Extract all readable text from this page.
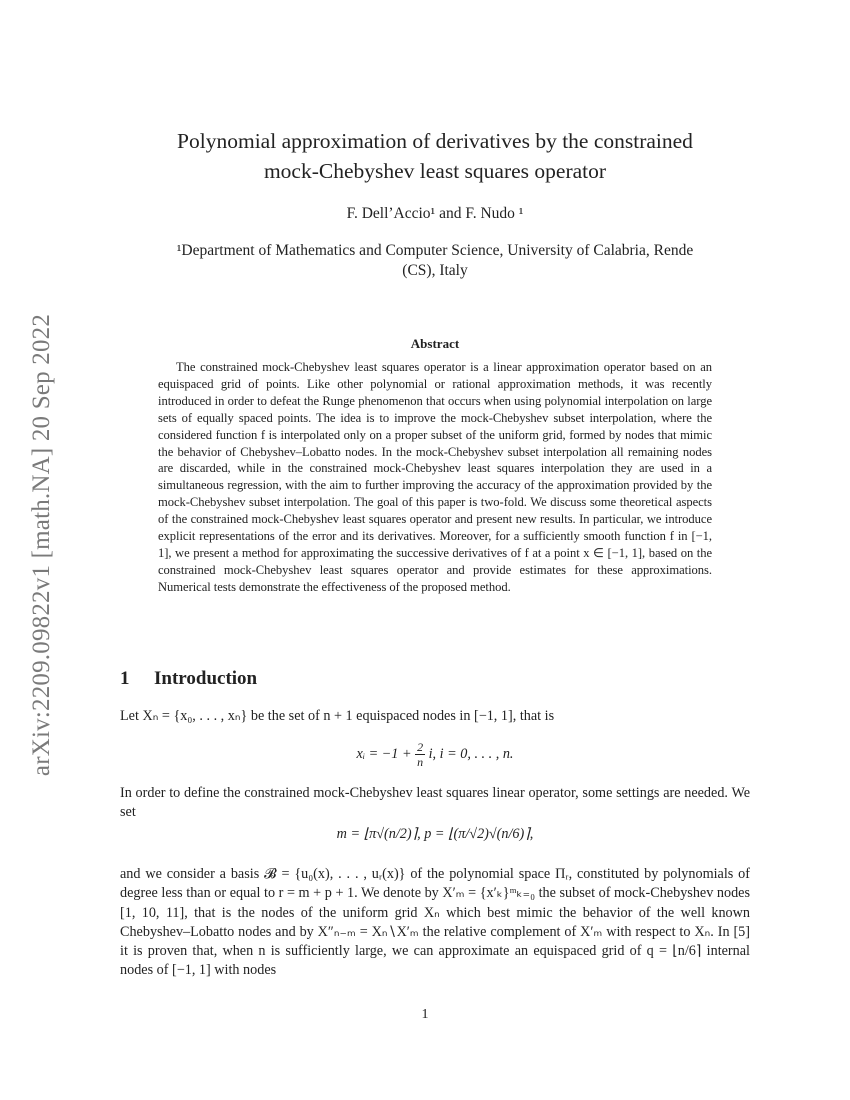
arXiv:2209.09822v1 [math.NA] 20 Sep 2022
Polynomial approximation of derivatives by the constrained
mock-Chebyshev least squares operator
F. Dell’Accio¹ and F. Nudo ¹
¹Department of Mathematics and Computer Science, University of Calabria, Rende
(CS), Italy
Abstract
The constrained mock-Chebyshev least squares operator is a linear approximation operator based on an equispaced grid of points. Like other polynomial or rational approximation methods, it was recently introduced in order to defeat the Runge phenomenon that occurs when using polynomial interpolation on large sets of equally spaced points. The idea is to improve the mock-Chebyshev subset interpolation, where the considered function f is interpolated only on a proper subset of the uniform grid, formed by nodes that mimic the behavior of Chebyshev–Lobatto nodes. In the mock-Chebyshev subset interpolation all remaining nodes are discarded, while in the constrained mock-Chebyshev least squares interpolation they are used in a simultaneous regression, with the aim to further improving the accuracy of the approximation provided by the mock-Chebyshev subset interpolation. The goal of this paper is two-fold. We discuss some theoretical aspects of the constrained mock-Chebyshev least squares operator and present new results. In particular, we introduce explicit representations of the error and its derivatives. Moreover, for a sufficiently smooth function f in [−1, 1], we present a method for approximating the successive derivatives of f at a point x ∈ [−1, 1], based on the constrained mock-Chebyshev least squares operator and provide estimates for these approximations. Numerical tests demonstrate the effectiveness of the proposed method.
1 Introduction
Let Xₙ = {x₀, . . . , xₙ} be the set of n + 1 equispaced nodes in [−1, 1], that is
xᵢ = $-1 + \frac{2}{n} i$, i = 0, . . . , n.
In order to define the constrained mock-Chebyshev least squares linear operator, some settings are needed. We set
m = ⌊π√(n/2)⌉, p = ⌊(π/√2)√(n/6)⌉,
and we consider a basis 𝓑 = {u₀(x), . . . , uᵣ(x)} of the polynomial space Πᵣ, constituted by polynomials of degree less than or equal to r = m + p + 1. We denote by X′ₘ = {x′ₖ}ᵐₖ₌₀ the subset of mock-Chebyshev nodes [1, 10, 11], that is the nodes of the uniform grid Xₙ which best mimic the behavior of the well known Chebyshev–Lobatto nodes and by X″ₙ₋ₘ = Xₙ∖X′ₘ the relative complement of X′ₘ with respect to Xₙ. In [5] it is proven that, when n is sufficiently large, we can approximate an equispaced grid of q = ⌊n/6⌉ internal nodes of [−1, 1] with nodes
1
